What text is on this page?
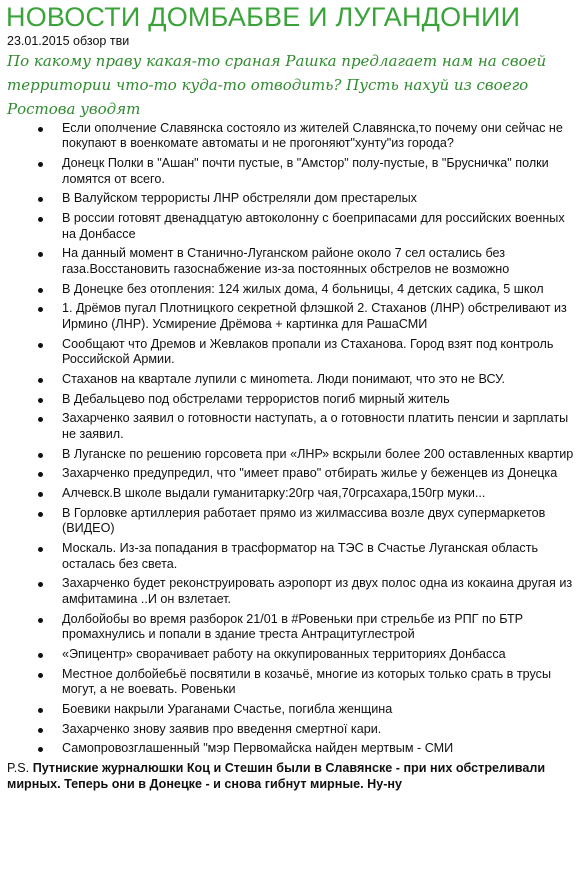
НОВОСТИ ДОМБАБВЕ И ЛУГАНДОНИИ
23.01.2015 обзор тви
По какому праву какая-то сраная Рашка предлагает нам на своей территории что-то куда-то отводить? Пусть нахуй из своего Ростова уводят
Если ополчение Славянска состояло из жителей Славянска,то почему они сейчас не покупают в военкомате автоматы и не прогоняют"хунту"из города?
Донецк Полки в "Ашан" почти пустые, в "Амстор" полу-пустые, в "Брусничка" полки ломятся от всего.
В Валуйском террористы ЛНР обстреляли дом престарелых
В россии готовят двенадцатую автоколонну с боеприпасами для российских военных на Донбассе
На данный момент в Станично-Луганском районе около 7 сел остались без газа.Восстановить газоснабжение из-за постоянных обстрелов не возможно
В Донецке без отопления: 124 жилых дома, 4 больницы, 4 детских садика, 5 школ
1. Дрёмов пугал Плотницкого секретной флэшкой 2. Стаханов (ЛНР) обстреливают из Ирмино (ЛНР). Усмирение Дрёмова + картинка для РашаСМИ
Сообщают что Дремов и Жевлаков пропали из Стаханова. Город взят под контроль Российской Армии.
Стаханов на квартале лупили с минomeта. Люди понимают, что это не ВСУ.
В Дебальцево под обстрелами террористов погиб мирный житель
Захарченко заявил о готовности наступать, а о готовности платить пенсии и зарплаты не заявил.
В Луганске по решению горсовета при «ЛНР» вскрыли более 200 оставленных квартир
Захарченко предупредил, что "имеет право" отбирать жилье у беженцев из Донецка
Алчевск.В школе выдали гуманитарку:20гр чая,70грсахара,150гр муки...
В Горловке артиллерия работает прямо из жилмассива возле двух супермаркетов (ВИДЕО)
Москаль. Из-за попадания в трасформатор на ТЭС в Счастье Луганская область осталась без света.
Захарченко будет реконструировать аэропорт из двух полос одна из кокаина другая из амфитамина ..И он взлетает.
Долбойобы во время разборок 21/01 в #Ровеньки при стрельбе из РПГ по БТР промахнулись и попали в здание треста Антрацитуглестрой
«Эпицентр» сворачивает работу на оккупированных территориях Донбасса
Местное долбойебьё посвятили в козачьё, многие из которых только срать в трусы могут, а не воевать. Ровеньки
Боевики накрыли Ураганами Счастье, погибла женщина
Захарченко знову заявив про введення смертної кари.
Самопровозглашенный "мэр Первомайска найден мертвым - СМИ
P.S. Путнискиe журналюшки Коц и Стешин были в Славянске - при них обстреливали мирных. Теперь они в Донецке - и снова гибнут мирные. Ну-ну
